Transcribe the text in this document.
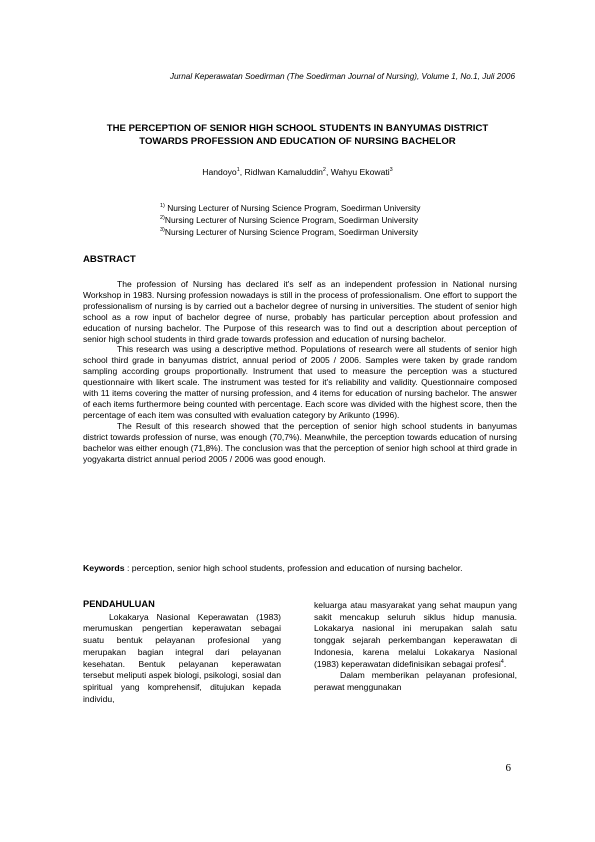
Jurnal Keperawatan Soedirman (The Soedirman Journal of Nursing), Volume 1, No.1, Juli 2006
THE PERCEPTION OF SENIOR HIGH SCHOOL STUDENTS IN BANYUMAS DISTRICT
TOWARDS PROFESSION AND EDUCATION OF NURSING BACHELOR
Handoyo$^1$, Ridlwan Kamaluddin$^2$, Wahyu Ekowati$^3$
$^{1)}$ Nursing Lecturer of Nursing Science Program, Soedirman University
$^{2)}$Nursing Lecturer of Nursing Science Program, Soedirman University
$^{3)}$Nursing Lecturer of Nursing Science Program, Soedirman University
ABSTRACT

The profession of Nursing has declared it's self as an independent profession in National nursing Workshop in 1983. Nursing profession nowadays is still in the process of professionalism. One effort to support the professionalism of nursing is by carried out a bachelor degree of nursing in universities. The student of senior high school as a row input of bachelor degree of nurse, probably has particular perception about profession and education of nursing bachelor. The Purpose of this research was to find out a description about perception of senior high school students in third grade towards profession and education of nursing bachelor.

This research was using a descriptive method. Populations of research were all students of senior high school third grade in banyumas district, annual period of 2005 / 2006. Samples were taken by grade random sampling according groups proportionally. Instrument that used to measure the perception was a stuctured questionnaire with likert scale. The instrument was tested for it's reliability and validity. Questionnaire composed with 11 items covering the matter of nursing profession, and 4 items for education of nursing bachelor. The answer of each items furthermore being counted with percentage. Each score was divided with the highest score, then the percentage of each item was consulted with evaluation category by Arikunto (1996).

The Result of this research showed that the perception of senior high school students in banyumas district towards profession of nurse, was enough (70,7%). Meanwhile, the perception towards education of nursing bachelor was either enough (71,8%). The conclusion was that the perception of senior high school at third grade in yogyakarta district annual period 2005 / 2006 was good enough.

Keywords : perception, senior high school students, profession and education of nursing bachelor.
PENDAHULUAN

Lokakarya Nasional Keperawatan (1983) merumuskan pengertian keperawatan sebagai suatu bentuk pelayanan profesional yang merupakan bagian integral dari pelayanan kesehatan. Bentuk pelayanan keperawatan tersebut meliputi aspek biologi, psikologi, sosial dan spiritual yang komprehensif, ditujukan kepada individu,

keluarga atau masyarakat yang sehat maupun yang sakit mencakup seluruh siklus hidup manusia. Lokakarya nasional ini merupakan salah satu tonggak sejarah perkembangan keperawatan di Indonesia, karena melalui Lokakarya Nasional (1983) keperawatan didefinisikan sebagai profesi$^4$.

Dalam memberikan pelayanan profesional, perawat menggunakan

6
